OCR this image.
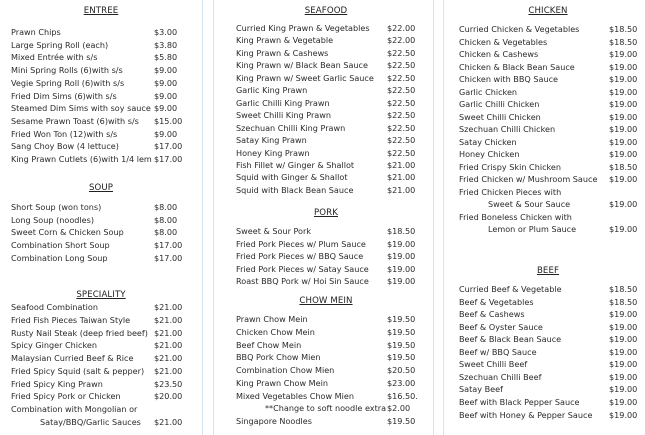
ENTREE
Prawn Chips	$3.00
Large Spring Roll (each)	$3.80
Mixed Entrée with s/s	$5.80
Mini Spring Rolls (6)with s/s	$9.00
Vegie Spring Roll (6)with s/s	$9.00
Fried Dim Sims (6)with s/s	$9.00
Steamed Dim Sims with soy sauce $9.00
Sesame Prawn Toast (6)with s/s $15.00
Fried Won Ton (12)with s/s	$9.00
Sang Choy Bow (4 lettuce)	$17.00
King Prawn Cutlets (6)with 1/4 lem $17.00
SOUP
Short Soup (won tons)	$8.00
Long Soup (noodles)	$8.00
Sweet Corn & Chicken Soup	$8.00
Combination Short Soup	$17.00
Combination Long Soup	$17.00
SPECIALITY
Seafood Combination	$21.00
Fried Fish Pieces Taiwan Style	$21.00
Rusty Nail Steak (deep fried beef) $21.00
Spicy Ginger Chicken	$21.00
Malaysian Curried Beef & Rice	$21.00
Fried Spicy Squid (salt & pepper) $21.00
Fried Spicy King Prawn	$23.50
Fried Spicy Pork or Chicken	$20.00
Combination with Mongolian or
Satay/BBQ/Garlic Sauces $21.00
SEAFOOD
Curried King Prawn & Vegetables $22.00
King Prawn & Vegetable	$22.00
King Prawn & Cashews	$22.50
King Prawn w/ Black Bean Sauce $22.50
King Prawn w/ Sweet Garlic Sauce $22.50
Garlic King Prawn	$22.50
Garlic Chilli King Prawn	$22.50
Sweet Chilli King Prawn	$22.50
Szechuan Chilli King Prawn	$22.50
Satay King Prawn	$22.50
Honey King Prawn	$22.50
Fish Fillet w/ Ginger & Shallot	$21.00
Squid with Ginger & Shallot	$21.00
Squid with Black Bean Sauce	$21.00
PORK
Sweet & Sour Pork	$18.50
Fried Pork Pieces w/ Plum Sauce	$19.00
Fried Pork Pieces w/ BBQ Sauce	$19.00
Fried Pork Pieces w/ Satay Sauce $19.00
Roast BBQ Pork w/ Hoi Sin Sauce $19.00
CHOW MEIN
Prawn Chow Mein	$19.50
Chicken Chow Mein	$19.50
Beef Chow Mein	$19.50
BBQ Pork Chow Mien	$19.50
Combination Chow Mien	$20.50
King Prawn Chow Mein	$23.00
Mixed Vegetables Chow Mien	$16.50.
**Change to soft noodle extra $2.00
Singapore Noodles	$19.50
CHICKEN
Curried Chicken & Vegetables	$18.50
Chicken & Vegetables	$18.50
Chicken & Cashews	$19.00
Chicken & Black Bean Sauce	$19.00
Chicken with BBQ Sauce	$19.00
Garlic Chicken	$19.00
Garlic Chilli Chicken	$19.00
Sweet Chilli Chicken	$19.00
Szechuan Chilli Chicken	$19.00
Satay Chicken	$19.00
Honey Chicken	$19.00
Fried Crispy Skin Chicken	$18.50
Fried Chicken w/ Mushroom Sauce $19.00
Fried Chicken Pieces with
Sweet & Sour Sauce	$19.00
Fried Boneless Chicken with
Lemon or Plum Sauce	$19.00
BEEF
Curried Beef & Vegetable	$18.50
Beef & Vegetables	$18.50
Beef & Cashews	$19.00
Beef & Oyster Sauce	$19.00
Beef & Black Bean Sauce	$19.00
Beef w/ BBQ Sauce	$19.00
Sweet Chilli Beef	$19.00
Szechuan Chilli Beef	$19.00
Satay Beef	$19.00
Beef with Black Pepper Sauce	$19.00
Beef with Honey & Pepper Sauce $19.00
